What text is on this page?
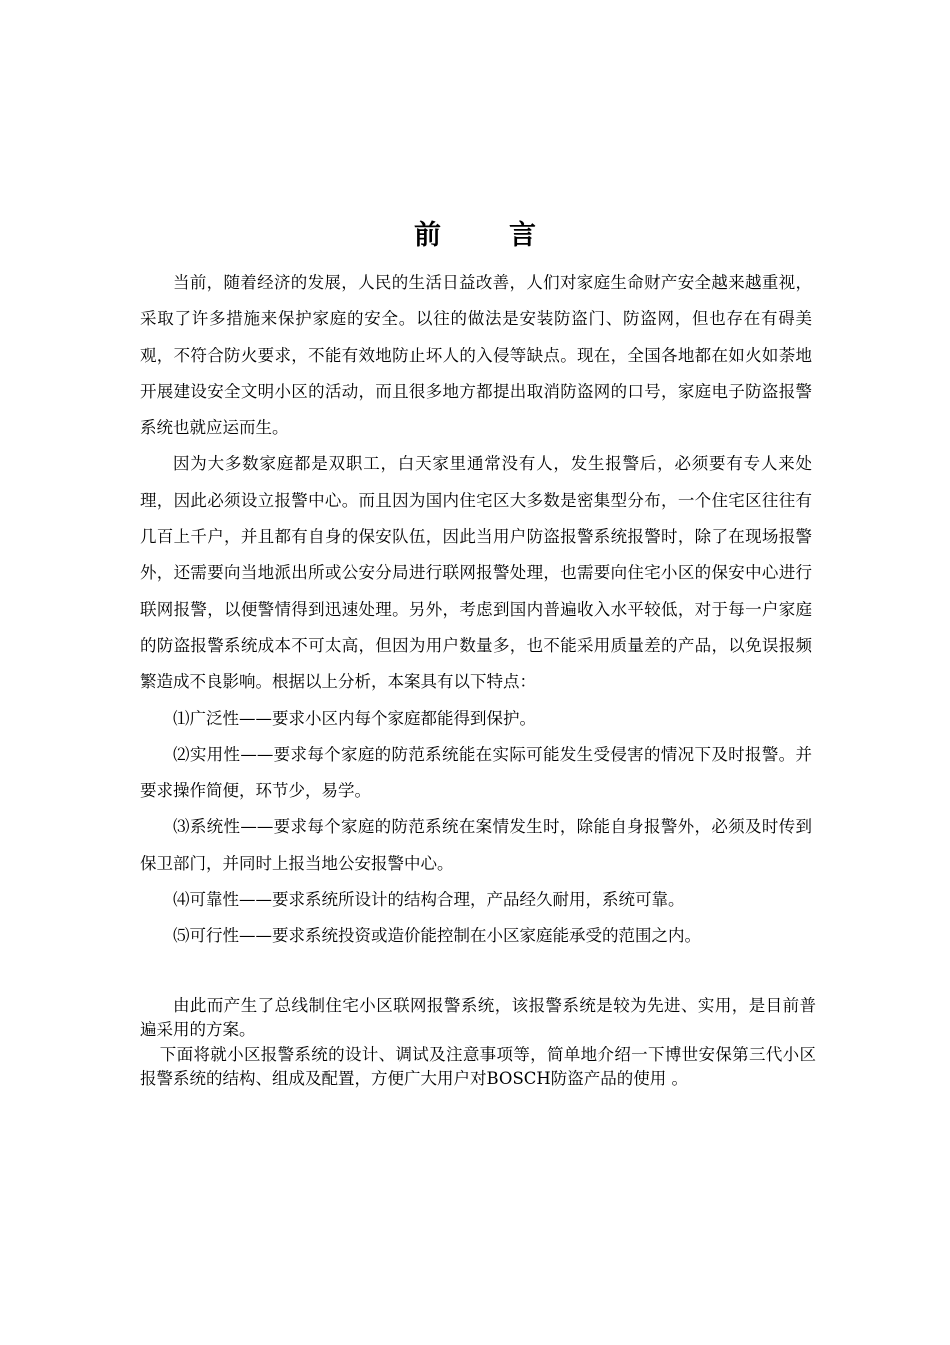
前言

当前，随着经济的发展，人民的生活日益改善，人们对家庭生命财产安全越来越重视，采取了许多措施来保护家庭的安全。以往的做法是安装防盗门、防盗网，但也存在有碍美观，不符合防火要求，不能有效地防止坏人的入侵等缺点。现在，全国各地都在如火如荼地开展建设安全文明小区的活动，而且很多地方都提出取消防盗网的口号，家庭电子防盗报警系统也就应运而生。

因为大多数家庭都是双职工，白天家里通常没有人，发生报警后，必须要有专人来处理，因此必须设立报警中心。而且因为国内住宅区大多数是密集型分布，一个住宅区往往有几百上千户，并且都有自身的保安队伍，因此当用户防盗报警系统报警时，除了在现场报警外，还需要向当地派出所或公安分局进行联网报警处理，也需要向住宅小区的保安中心进行联网报警，以便警情得到迅速处理。另外，考虑到国内普遍收入水平较低，对于每一户家庭的防盗报警系统成本不可太高，但因为用户数量多，也不能采用质量差的产品，以免误报频繁造成不良影响。根据以上分析，本案具有以下特点：

⑴广泛性——要求小区内每个家庭都能得到保护。

⑵实用性——要求每个家庭的防范系统能在实际可能发生受侵害的情况下及时报警。并要求操作简便，环节少，易学。

⑶系统性——要求每个家庭的防范系统在案情发生时，除能自身报警外，必须及时传到保卫部门，并同时上报当地公安报警中心。

⑷可靠性——要求系统所设计的结构合理，产品经久耐用，系统可靠。

⑸可行性——要求系统投资或造价能控制在小区家庭能承受的范围之内。

由此而产生了总线制住宅小区联网报警系统，该报警系统是较为先进、实用，是目前普遍采用的方案。

下面将就小区报警系统的设计、调试及注意事项等，简单地介绍一下博世安保第三代小区报警系统的结构、组成及配置，方便广大用户对BOSCH防盗产品的使用 。
